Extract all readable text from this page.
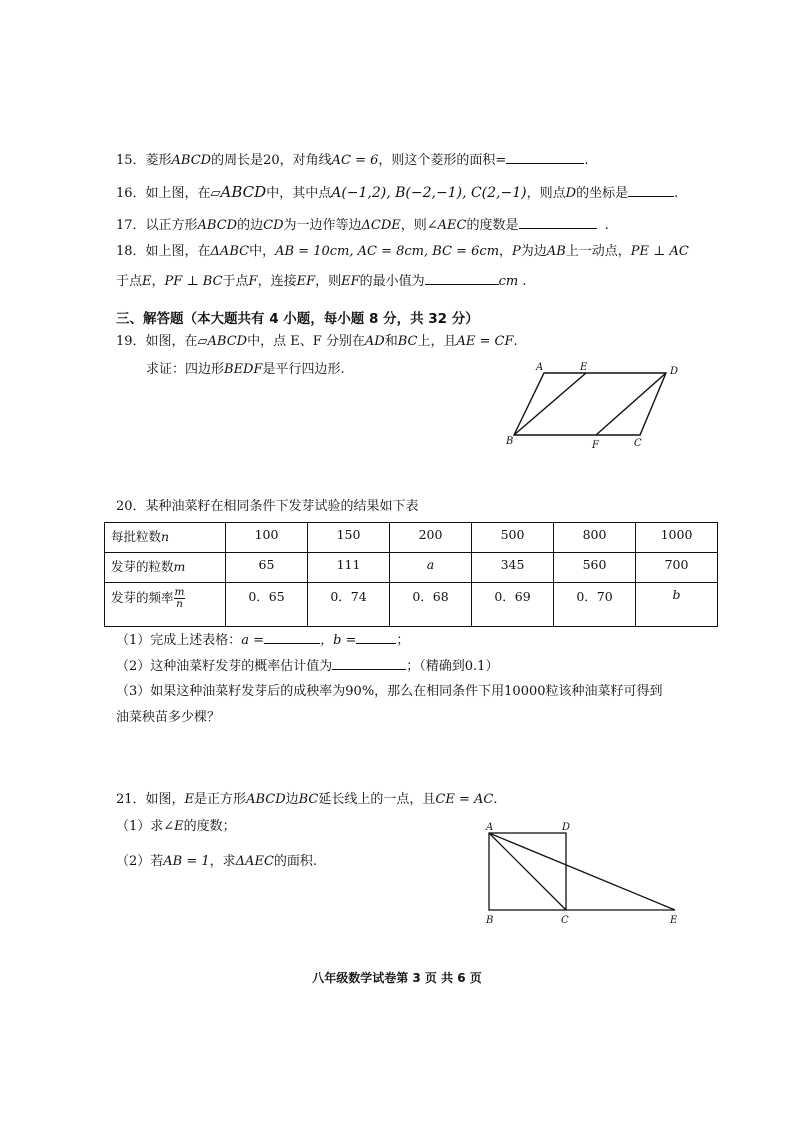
15．菱形ABCD的周长是20，对角线AC = 6，则这个菱形的面积=	.
16．如上图，在▱ABCD中，其中点A(−1,2), B(−2,−1), C(2,−1)，则点D的坐标是	.
17．以正方形ABCD的边CD为一边作等边ΔCDE，则∠AEC的度数是	.
18．如上图，在ΔABC中，AB = 10cm, AC = 8cm, BC = 6cm，P为边AB上一动点，PE ⊥ AC
于点E，PF ⊥ BC于点F，连接EF，则EF的最小值为	cm .
三、解答题（本大题共有 4 小题，每小题 8 分，共 32 分）
19．如图，在▱ABCD中，点 E、F 分别在AD和BC上，且AE = CF.
求证：四边形BEDF是平行四边形.	A	E	D
B	F	C
20．某种油菜籽在相同条件下发芽试验的结果如下表
每批粒数n	100	150	200	500	800	1000
发芽的粒数m	65	111	a	345	560	700
发芽的频率 $\frac{m}{n}$	0．65	0．74	0．68	0．69	0．70	b
（1）完成上述表格：a =	，b =	；
（2）这种油菜籽发芽的概率估计值为	；（精确到0.1）
（3）如果这种油菜籽发芽后的成秧率为90%，那么在相同条件下用10000粒该种油菜籽可得到
油菜秧苗多少棵？
21．如图，E是正方形ABCD边BC延长线上的一点，且CE = AC.
（1）求∠E的度数；
（2）若AB = 1，求ΔAEC的面积.
A	D
B	C	E
八年级数学试卷第 3 页 共 6 页
